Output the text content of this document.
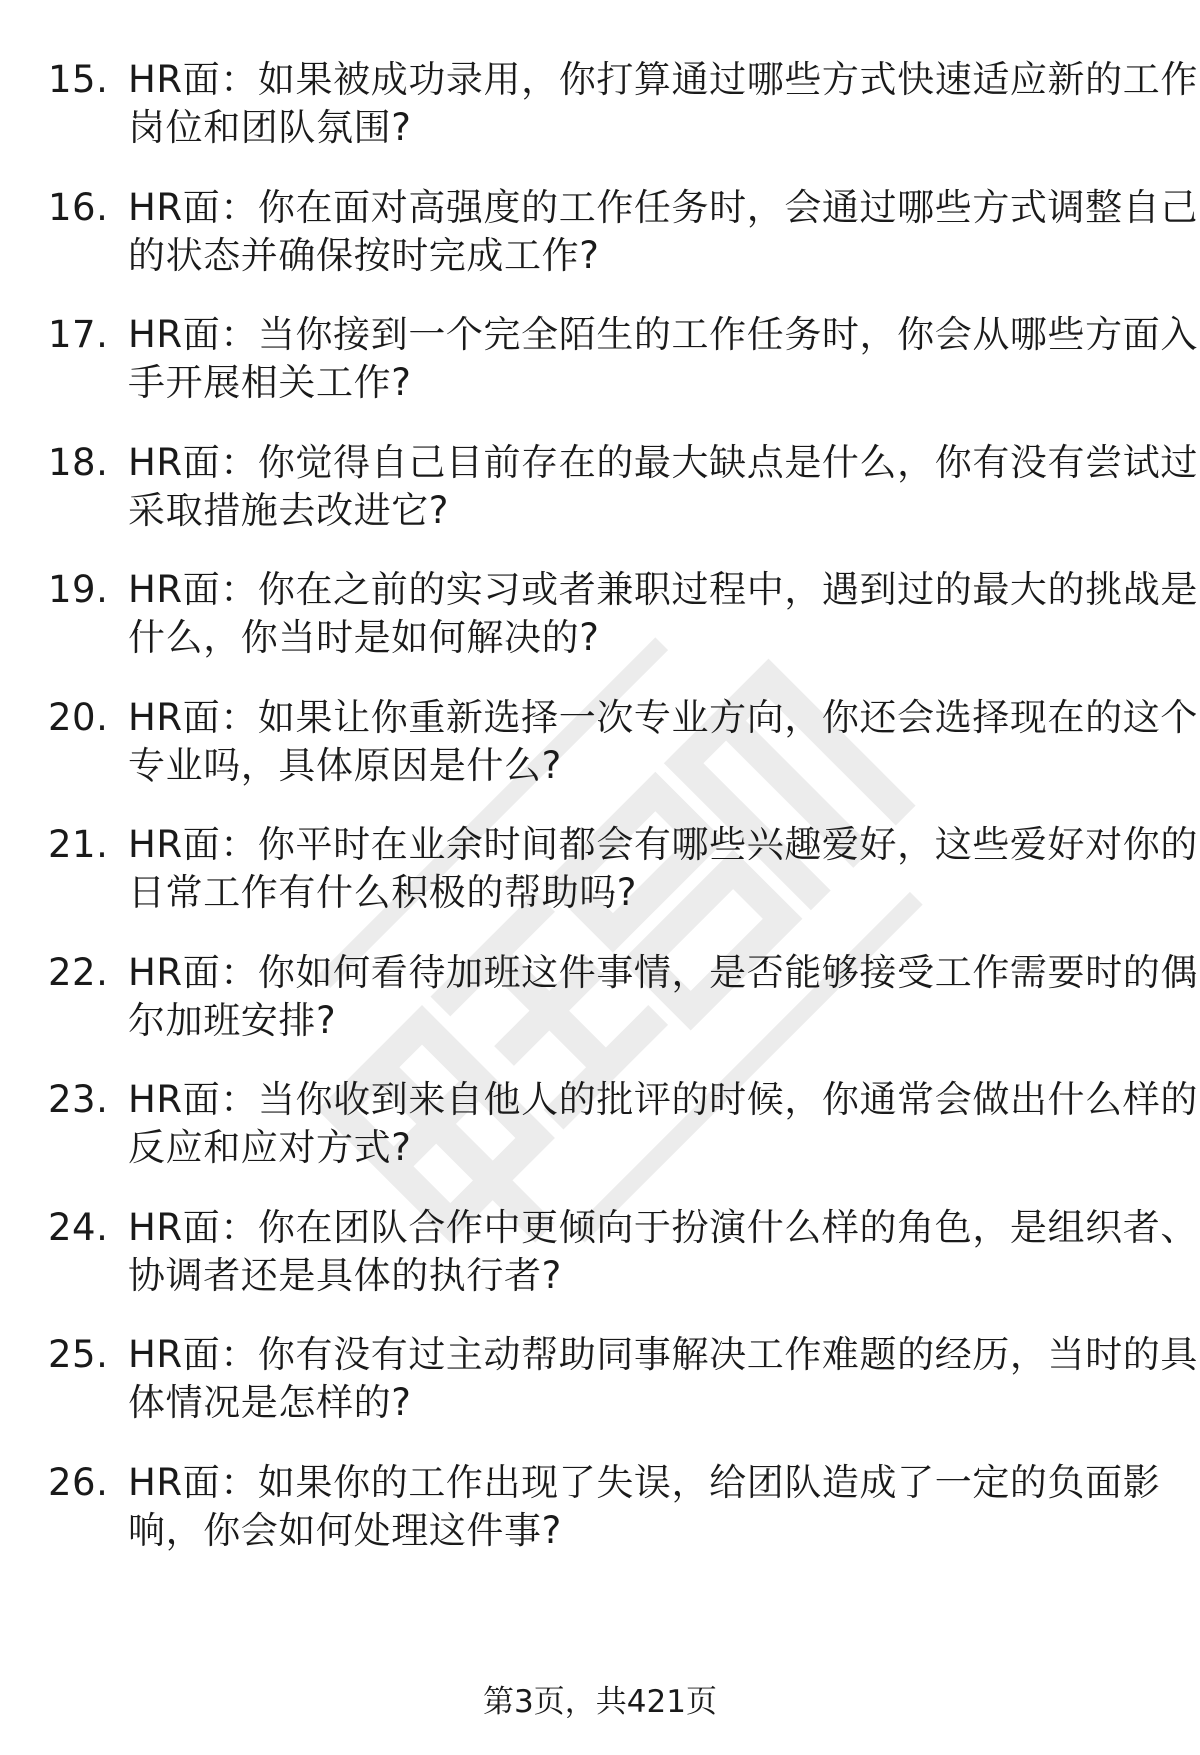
15. HR面：如果被成功录用，你打算通过哪些方式快速适应新的工作岗位和团队氛围?
16. HR面：你在面对高强度的工作任务时，会通过哪些方式调整自己的状态并确保按时完成工作?
17. HR面：当你接到一个完全陌生的工作任务时，你会从哪些方面入手开展相关工作?
18. HR面：你觉得自己目前存在的最大缺点是什么，你有没有尝试过采取措施去改进它?
19. HR面：你在之前的实习或者兼职过程中，遇到过的最大的挑战是什么，你当时是如何解决的?
20. HR面：如果让你重新选择一次专业方向，你还会选择现在的这个专业吗，具体原因是什么?
21. HR面：你平时在业余时间都会有哪些兴趣爱好，这些爱好对你的日常工作有什么积极的帮助吗?
22. HR面：你如何看待加班这件事情，是否能够接受工作需要时的偶尔加班安排?
23. HR面：当你收到来自他人的批评的时候，你通常会做出什么样的反应和应对方式?
24. HR面：你在团队合作中更倾向于扮演什么样的角色，是组织者、协调者还是具体的执行者?
25. HR面：你有没有过主动帮助同事解决工作难题的经历，当时的具体情况是怎样的?
26. HR面：如果你的工作出现了失误，给团队造成了一定的负面影响，你会如何处理这件事?
第3页，共421页
